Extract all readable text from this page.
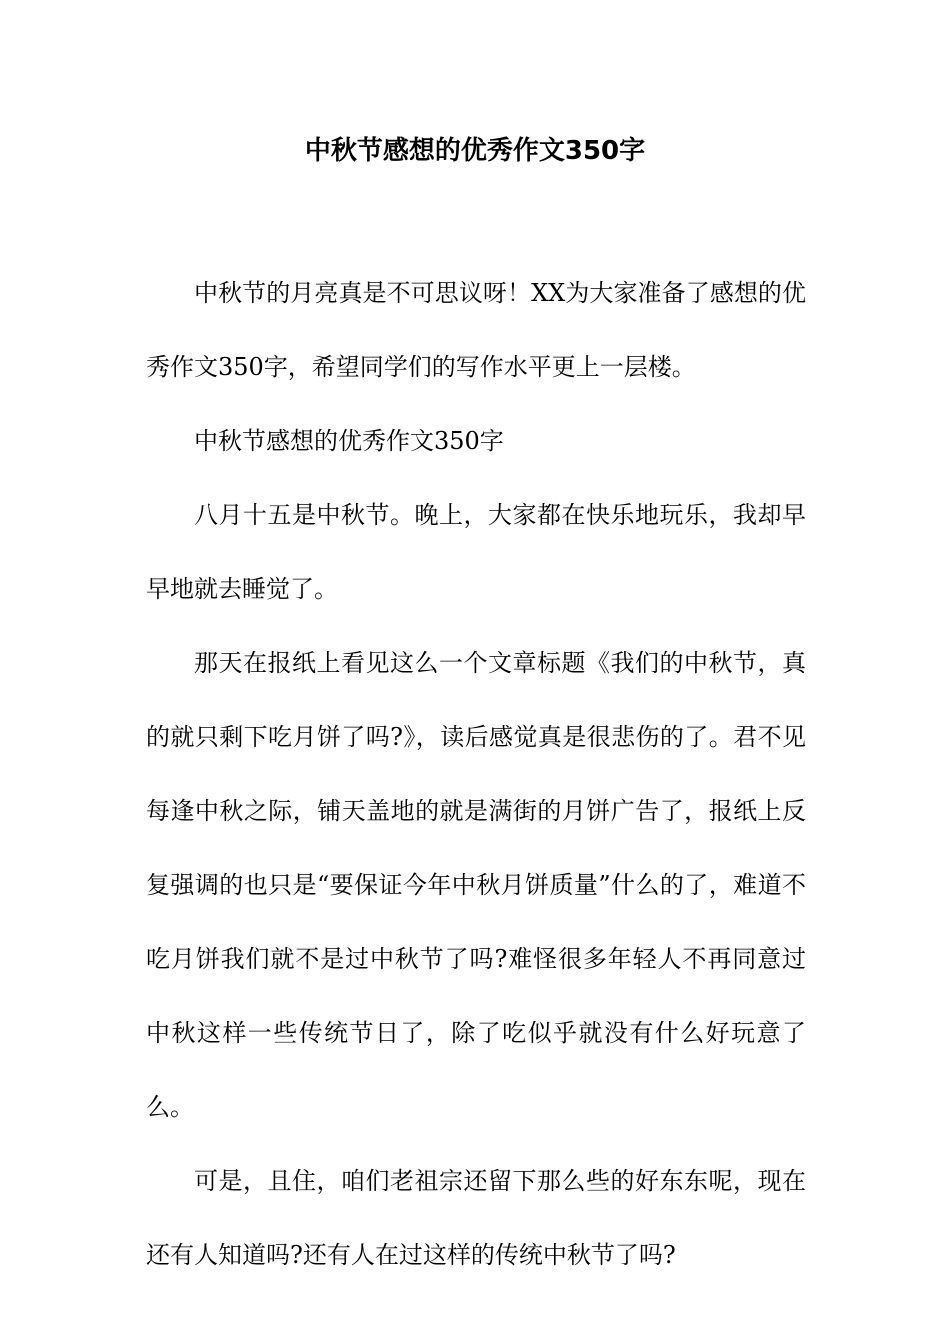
中秋节感想的优秀作文350字

中秋节的月亮真是不可思议呀！XX为大家准备了感想的优秀作文350字，希望同学们的写作水平更上一层楼。

中秋节感想的优秀作文350字

八月十五是中秋节。晚上，大家都在快乐地玩乐，我却早早地就去睡觉了。

那天在报纸上看见这么一个文章标题《我们的中秋节，真的就只剩下吃月饼了吗?》，读后感觉真是很悲伤的了。君不见每逢中秋之际，铺天盖地的就是满街的月饼广告了，报纸上反复强调的也只是“要保证今年中秋月饼质量”什么的了，难道不吃月饼我们就不是过中秋节了吗?难怪很多年轻人不再同意过中秋这样一些传统节日了，除了吃似乎就没有什么好玩意了么。

可是，且住，咱们老祖宗还留下那么些的好东东呢，现在还有人知道吗?还有人在过这样的传统中秋节了吗?
